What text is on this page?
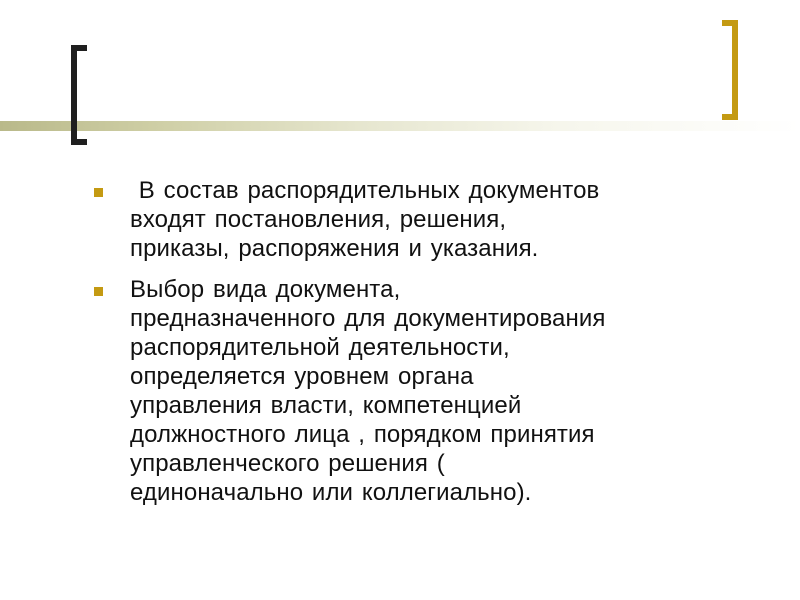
В состав распорядительных документов
входят постановления, решения,
приказы, распоряжения и указания.
Выбор вида документа,
предназначенного для документирования
распорядительной деятельности,
определяется уровнем органа
управления власти, компетенцией
должностного лица , порядком принятия
управленческого решения (
единоначально или коллегиально).
